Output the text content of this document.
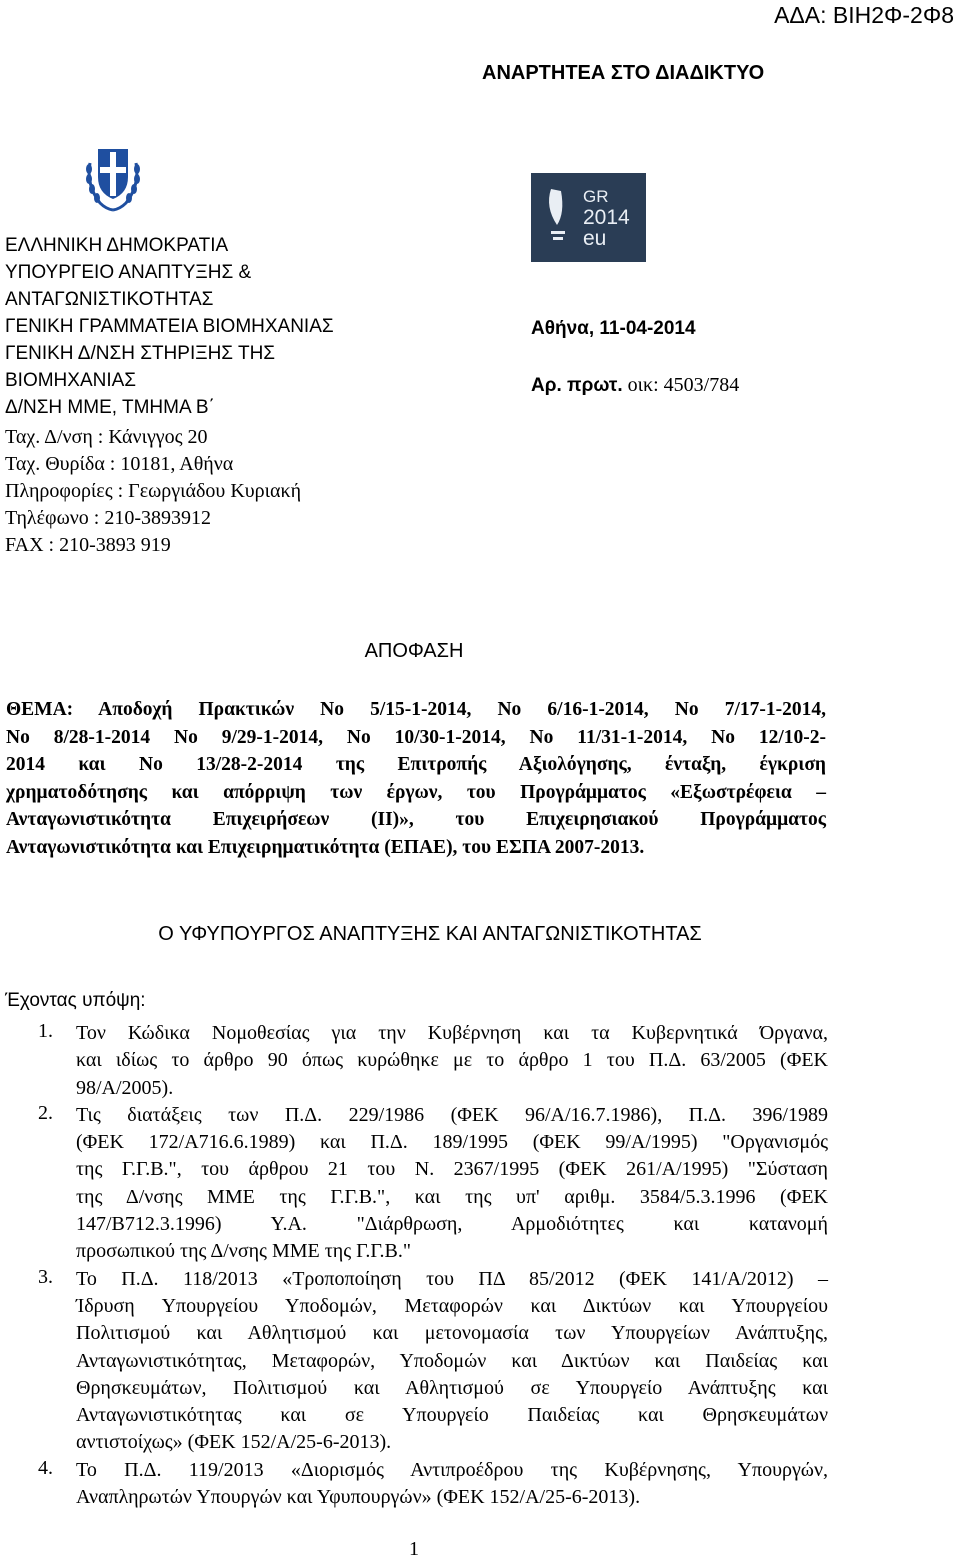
ΑΔΑ: ΒΙΗ2Φ-2Φ8
ΑΝΑΡΤΗΤΕΑ ΣΤΟ ΔΙΑΔΙΚΤΥΟ
GR
2014
eu
ΕΛΛΗΝΙΚΗ ΔΗΜΟΚΡΑΤΙΑ
ΥΠΟΥΡΓΕΙΟ ΑΝΑΠΤΥΞΗΣ &
ΑΝΤΑΓΩΝΙΣΤΙΚΟΤΗΤΑΣ
ΓΕΝΙΚΗ ΓΡΑΜΜΑΤΕΙΑ ΒΙΟΜΗΧΑΝΙΑΣ
ΓΕΝΙΚΗ Δ/ΝΣΗ ΣΤΗΡΙΞΗΣ ΤΗΣ
ΒΙΟΜΗΧΑΝΙΑΣ
Δ/ΝΣΗ ΜΜΕ, ΤΜΗΜΑ Β΄
Ταχ. Δ/νση : Κάνιγγος 20
Ταχ. Θυρίδα : 10181, Αθήνα
Πληροφορίες : Γεωργιάδου Κυριακή
Τηλέφωνο : 210-3893912
FAX : 210-3893 919
Αθήνα, 11-04-2014
Αρ. πρωτ. οικ: 4503/784
ΑΠΟΦΑΣΗ
ΘΕΜΑ: Αποδοχή Πρακτικών Νο 5/15-1-2014, Νο 6/16-1-2014, Νο 7/17-1-2014,
Νο 8/28-1-2014 Νο 9/29-1-2014, Νο 10/30-1-2014, Νο 11/31-1-2014, Νο 12/10-2-
2014 και Νο 13/28-2-2014 της Επιτροπής Αξιολόγησης, ένταξη, έγκριση
χρηματοδότησης και απόρριψη των έργων, του Προγράμματος «Εξωστρέφεια –
Ανταγωνιστικότητα Επιχειρήσεων (ΙΙ)», του Επιχειρησιακού Προγράμματος
Ανταγωνιστικότητα και Επιχειρηματικότητα (ΕΠΑΕ), του ΕΣΠΑ 2007-2013.
Ο ΥΦΥΠΟΥΡΓΟΣ ΑΝΑΠΤΥΞΗΣ ΚΑΙ ΑΝΤΑΓΩΝΙΣΤΙΚΟΤΗΤΑΣ
Έχοντας υπόψη:
1. Τον Κώδικα Νομοθεσίας για την Κυβέρνηση και τα Κυβερνητικά Όργανα,
και ιδίως το άρθρο 90 όπως κυρώθηκε με το άρθρο 1 του Π.Δ. 63/2005 (ΦΕΚ
98/Α/2005).
2. Τις διατάξεις των Π.Δ. 229/1986 (ΦΕΚ 96/Α/16.7.1986), Π.Δ. 396/1989
(ΦΕΚ 172/Α716.6.1989) και Π.Δ. 189/1995 (ΦΕΚ 99/Α/1995) "Οργανισμός
της Γ.Γ.Β.", του άρθρου 21 του Ν. 2367/1995 (ΦΕΚ 261/Α/1995) "Σύσταση
της Δ/νσης ΜΜΕ της Γ.Γ.Β.", και της υπ' αριθμ. 3584/5.3.1996 (ΦΕΚ
147/Β712.3.1996) Υ.Α. "Διάρθρωση, Αρμοδιότητες και κατανομή
προσωπικού της Δ/νσης ΜΜΕ της Γ.Γ.Β."
3. Το Π.Δ. 118/2013 «Τροποποίηση του ΠΔ 85/2012 (ΦΕΚ 141/Α/2012) –
Ίδρυση Υπουργείου Υποδομών, Μεταφορών και Δικτύων και Υπουργείου
Πολιτισμού και Αθλητισμού και μετονομασία των Υπουργείων Ανάπτυξης,
Ανταγωνιστικότητας, Μεταφορών, Υποδομών και Δικτύων και Παιδείας και
Θρησκευμάτων, Πολιτισμού και Αθλητισμού σε Υπουργείο Ανάπτυξης και
Ανταγωνιστικότητας και σε Υπουργείο Παιδείας και Θρησκευμάτων
αντιστοίχως» (ΦΕΚ 152/Α/25-6-2013).
4. Το Π.Δ. 119/2013 «Διορισμός Αντιπροέδρου της Κυβέρνησης, Υπουργών,
Αναπληρωτών Υπουργών και Υφυπουργών» (ΦΕΚ 152/Α/25-6-2013).
1
